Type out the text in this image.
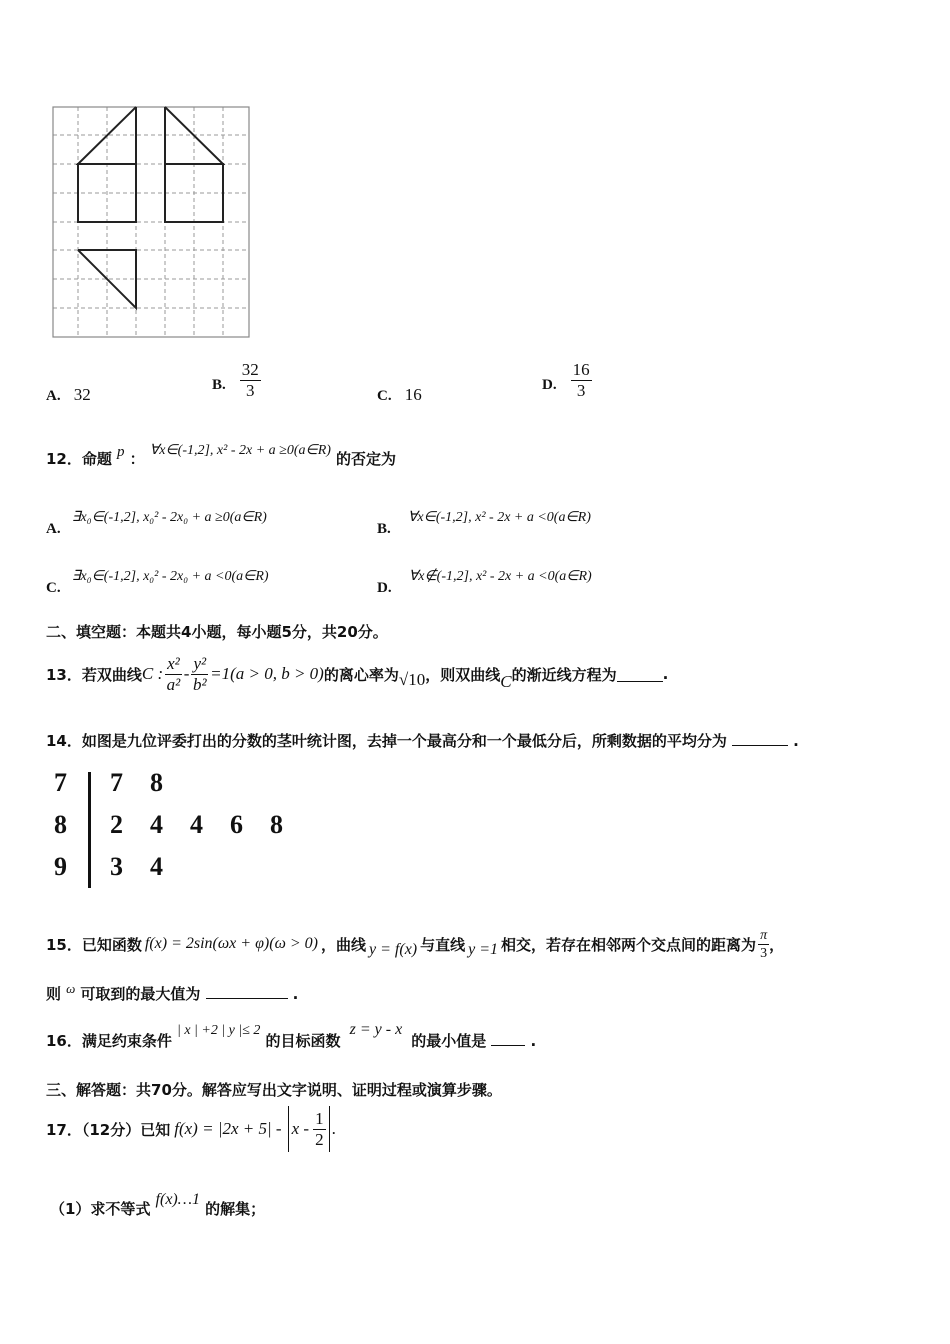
A. 32	B. $\frac{32}{3}$	C. 16	D. $\frac{16}{3}$
12．命题 p ： ∀x∈(-1,2], x² - 2x + a ≥0(a∈R) 的否定为
A. ∃x₀∈(-1,2], x₀² - 2x₀ + a ≥0(a∈R)
B. ∀x∈(-1,2], x² - 2x + a <0(a∈R)
C. ∃x₀∈(-1,2], x₀² - 2x₀ + a <0(a∈R)
D. ∀x∉(-1,2], x² - 2x + a <0(a∈R)
二、填空题：本题共4小题，每小题5分，共20分。
13．若双曲线 C : $\frac{\text{x²}}{\text{a²}} - \frac{\text{y²}}{\text{b²}} =1(a > 0$, b > 0) 的离心率为 √10 ，则双曲线 C 的渐近线方程为	.
14．如图是九位评委打出的分数的茎叶统计图，去掉一个最高分和一个最低分后，所剩数据的平均分为	.
7 7 8
8 2 4 4 6 8
9 3 4
15．已知函数 f(x) = 2sin(ωx + φ)(ω > 0) ，曲线 y = f(x) 与直线 y =1 相交，若存在相邻两个交点间的距离为 $\frac{\pi}{3}$ ，
则 $^\omega$ 可取到的最大值为	.
16．满足约束条件 | x | +2 | y |≤ 2 的目标函数 z = y - x 的最小值是	.
三、解答题：共70分。解答应写出文字说明、证明过程或演算步骤。
17．（12分）已知 $f(x) = |2x + 5| - x - \frac{1}{2}$ .
（1）求不等式 f(x)…1 的解集；
